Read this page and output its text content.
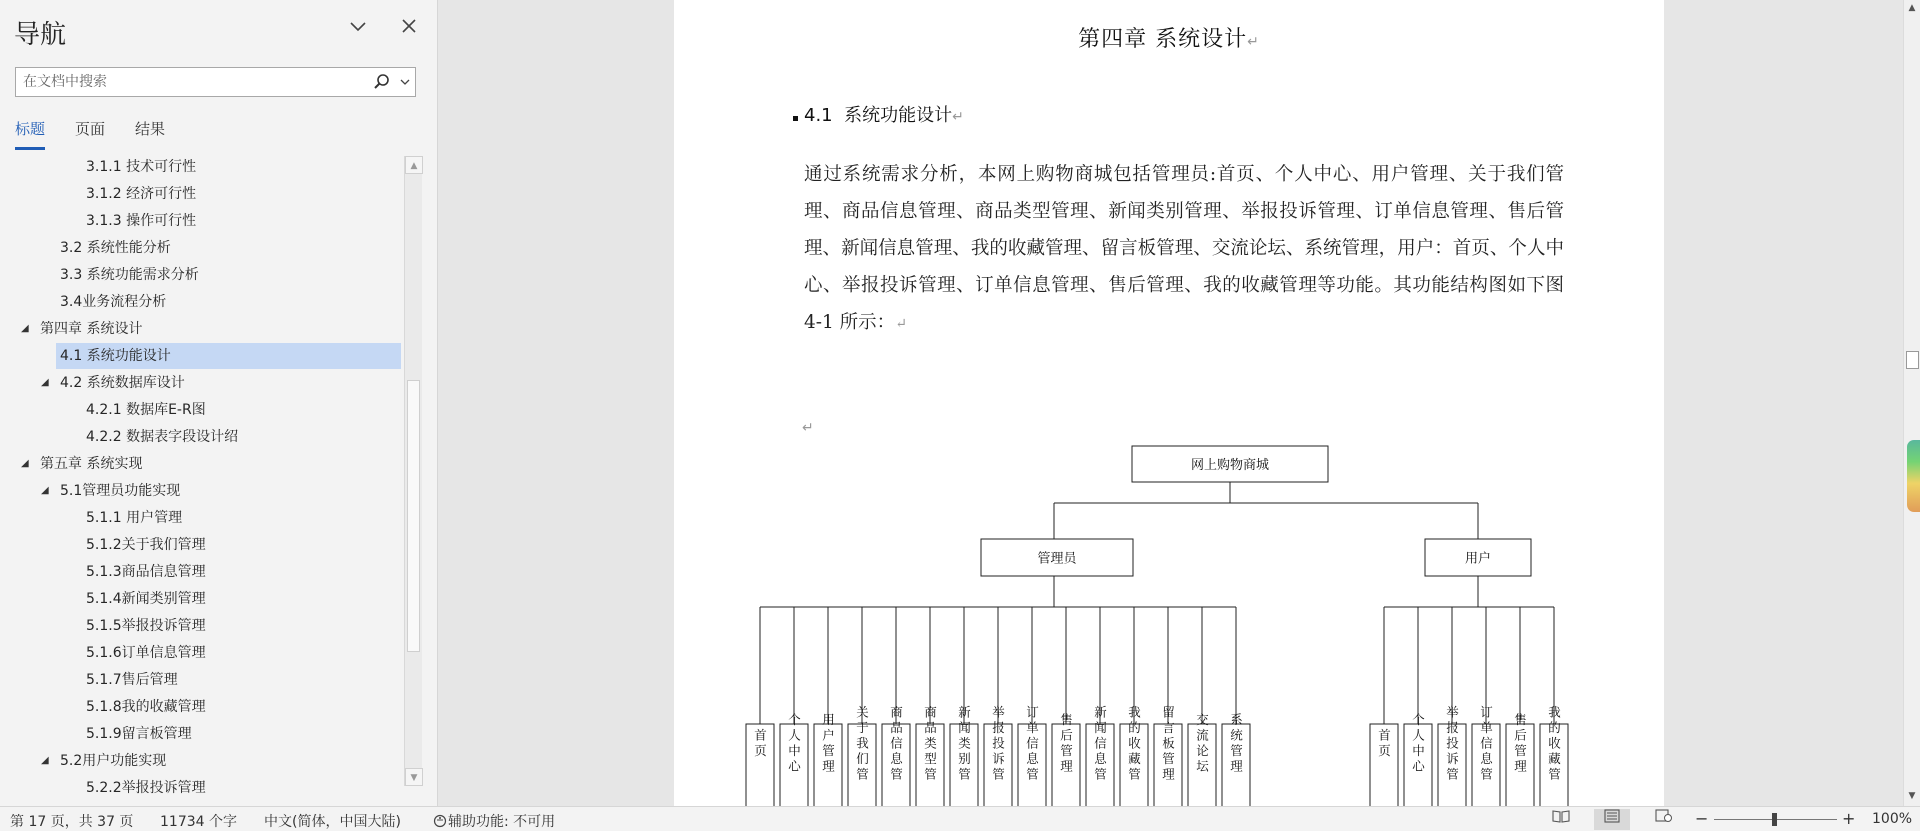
导航
在文档中搜索
标题 页面 结果
3.1.1 技术可行性
3.1.2 经济可行性
3.1.3 操作可行性
3.2 系统性能分析
3.3 系统功能需求分析
3.4业务流程分析
◢ 第四章 系统设计
4.1 系统功能设计
◢ 4.2 系统数据库设计
4.2.1 数据库E-R图
4.2.2 数据表字段设计绍
◢ 第五章 系统实现
◢ 5.1管理员功能实现
5.1.1 用户管理
5.1.2关于我们管理
5.1.3商品信息管理
5.1.4新闻类别管理
5.1.5举报投诉管理
5.1.6订单信息管理
5.1.7售后管理
5.1.8我的收藏管理
5.1.9留言板管理
◢ 5.2用户功能实现
5.2.2举报投诉管理
▲
▼
第四章 系统设计↵
4.1 系统功能设计↵
通过系统需求分析，本网上购物商城包括管理员:首页、个人中心、用户管理、关于我们管理、商品信息管理、商品类型管理、新闻类别管理、举报投诉管理、订单信息管理、售后管理、新闻信息管理、我的收藏管理、留言板管理、交流论坛、系统管理，用户：首页、个人中心、举报投诉管理、订单信息管理、售后管理、我的收藏管理等功能。其功能结构图如下图 4-1 所示：↵
↵
网上购物商城
管理员
首页 个人中心 用户管理 关于我们管 商品信息管 商品类型管 新闻类别管 举报投诉管 订单信息管 售后管理 新闻信息管 我的收藏管 留言板管理 交流论坛 系统管理
用户
首页 个人中心 举报投诉管 订单信息管 售后管理 我的收藏管
▲
▼
第 17 页，共 37 页 11734 个字 中文(简体，中国大陆)	辅助功能: 不可用	−	+ 100%
